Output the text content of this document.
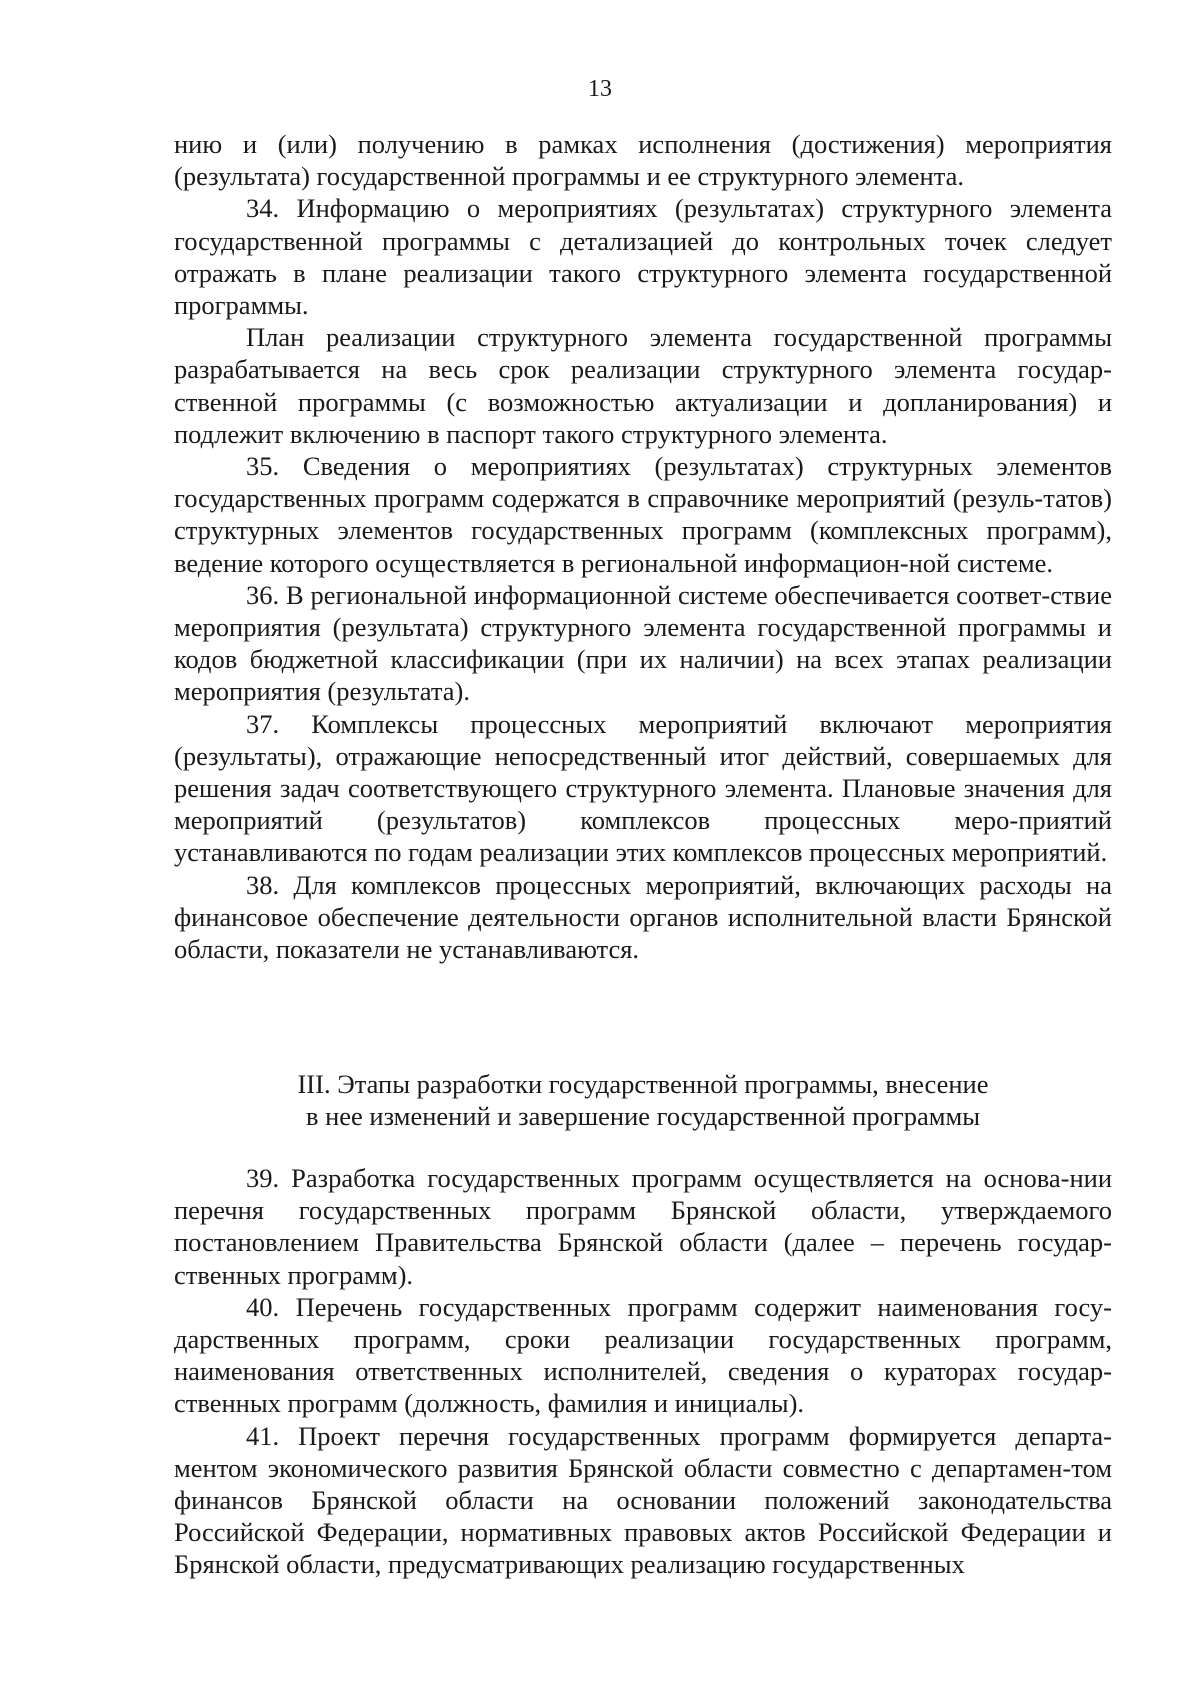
13

нию и (или) получению в рамках исполнения (достижения) мероприятия (результата) государственной программы и ее структурного элемента.

34. Информацию о мероприятиях (результатах) структурного элемента государственной программы с детализацией до контрольных точек следует отражать в плане реализации такого структурного элемента государственной программы.

План реализации структурного элемента государственной программы разрабатывается на весь срок реализации структурного элемента государ-ственной программы (с возможностью актуализации и допланирования) и подлежит включению в паспорт такого структурного элемента.

35. Сведения о мероприятиях (результатах) структурных элементов государственных программ содержатся в справочнике мероприятий (резуль-татов) структурных элементов государственных программ (комплексных программ), ведение которого осуществляется в региональной информацион-ной системе.

36. В региональной информационной системе обеспечивается соответ-ствие мероприятия (результата) структурного элемента государственной программы и кодов бюджетной классификации (при их наличии) на всех этапах реализации мероприятия (результата).

37. Комплексы процессных мероприятий включают мероприятия (результаты), отражающие непосредственный итог действий, совершаемых для решения задач соответствующего структурного элемента. Плановые значения для мероприятий (результатов) комплексов процессных меро-приятий устанавливаются по годам реализации этих комплексов процессных мероприятий.

38. Для комплексов процессных мероприятий, включающих расходы на финансовое обеспечение деятельности органов исполнительной власти Брянской области, показатели не устанавливаются.

III. Этапы разработки государственной программы, внесение
в нее изменений и завершение государственной программы

39. Разработка государственных программ осуществляется на основа-нии перечня государственных программ Брянской области, утверждаемого постановлением Правительства Брянской области (далее – перечень государ-ственных программ).

40. Перечень государственных программ содержит наименования госу-дарственных программ, сроки реализации государственных программ, наименования ответственных исполнителей, сведения о кураторах государ-ственных программ (должность, фамилия и инициалы).

41. Проект перечня государственных программ формируется департа-ментом экономического развития Брянской области совместно с департамен-том финансов Брянской области на основании положений законодательства Российской Федерации, нормативных правовых актов Российской Федерации и Брянской области, предусматривающих реализацию государственных
